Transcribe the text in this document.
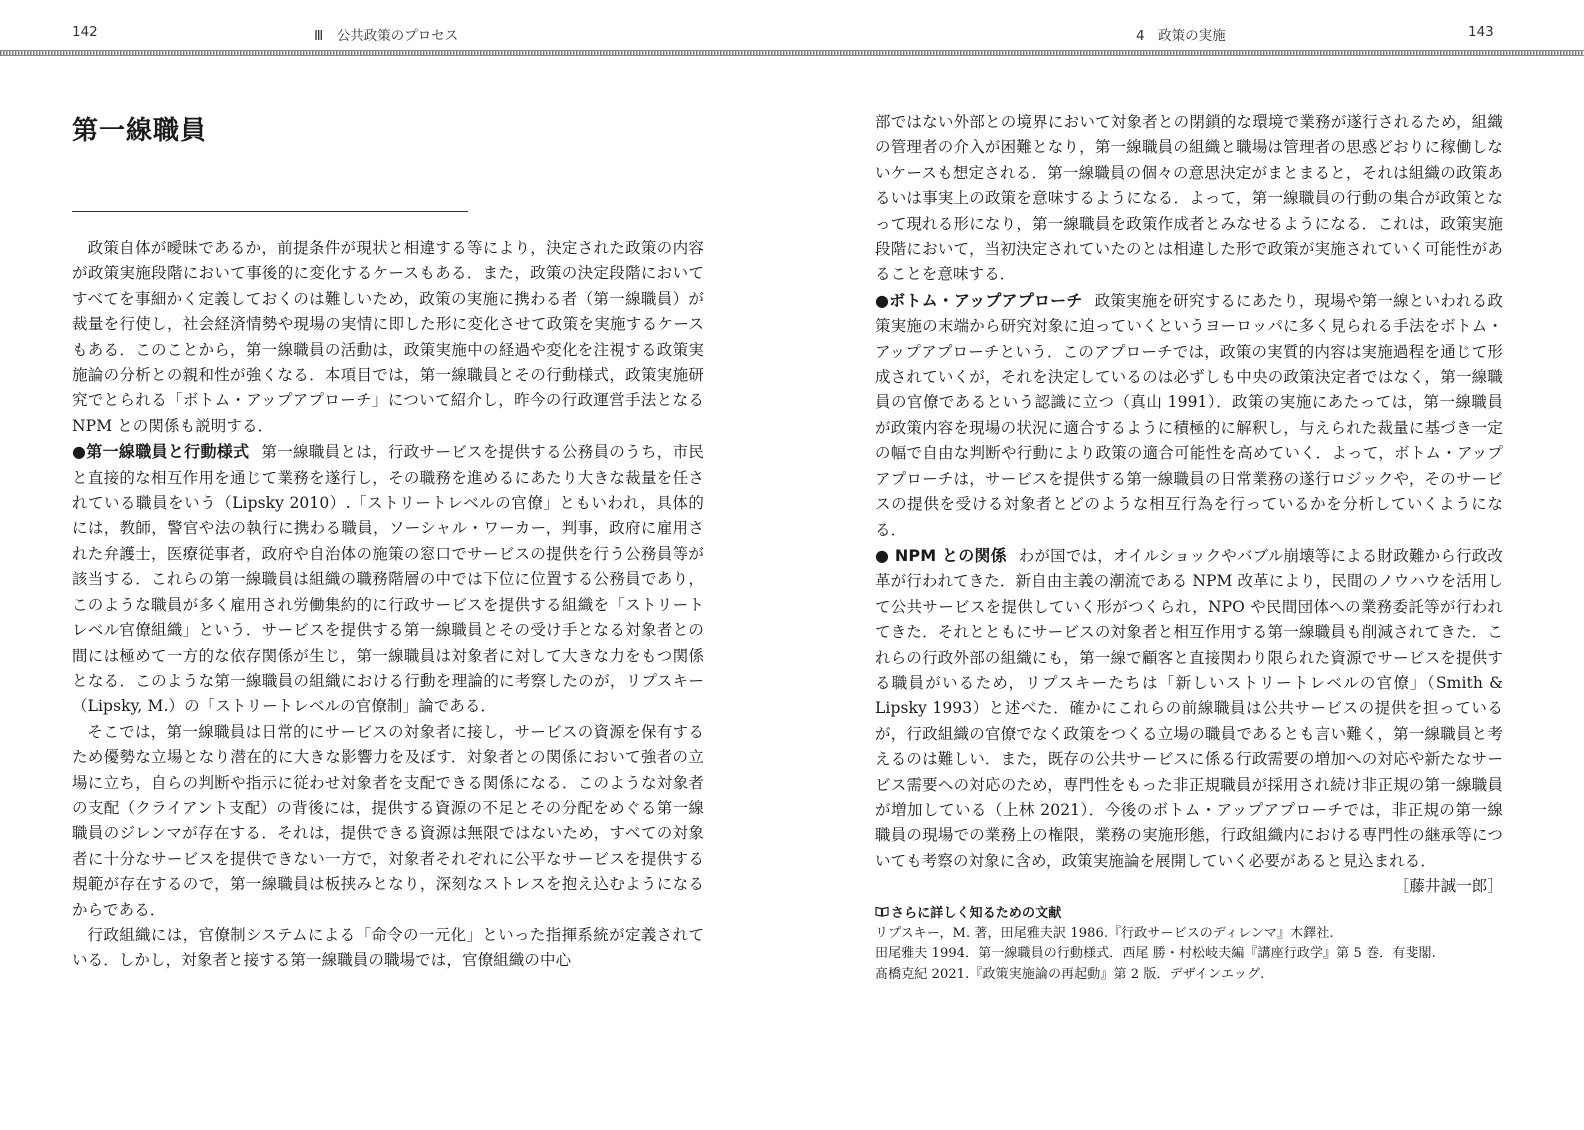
142	Ⅲ　公共政策のプロセス	4　政策の実施	143
第一線職員

政策自体が曖昧であるか，前提条件が現状と相違する等により，決定された政策の内容が政策実施段階において事後的に変化するケースもある．また，政策の決定段階においてすべてを事細かく定義しておくのは難しいため，政策の実施に携わる者（第一線職員）が裁量を行使し，社会経済情勢や現場の実情に即した形に変化させて政策を実施するケースもある．このことから，第一線職員の活動は，政策実施中の経過や変化を注視する政策実施論の分析との親和性が強くなる．本項目では，第一線職員とその行動様式，政策実施研究でとられる「ボトム・アップアプローチ」について紹介し，昨今の行政運営手法となる NPM との関係も説明する．

●第一線職員と行動様式 第一線職員とは，行政サービスを提供する公務員のうち，市民と直接的な相互作用を通じて業務を遂行し，その職務を進めるにあたり大きな裁量を任されている職員をいう（Lipsky 2010）.「ストリートレベルの官僚」ともいわれ，具体的には，教師，警官や法の執行に携わる職員，ソーシャル・ワーカー，判事，政府に雇用された弁護士，医療従事者，政府や自治体の施策の窓口でサービスの提供を行う公務員等が該当する．これらの第一線職員は組織の職務階層の中では下位に位置する公務員であり，このような職員が多く雇用され労働集約的に行政サービスを提供する組織を「ストリートレベル官僚組織」という．サービスを提供する第一線職員とその受け手となる対象者との間には極めて一方的な依存関係が生じ，第一線職員は対象者に対して大きな力をもつ関係となる．このような第一線職員の組織における行動を理論的に考察したのが，リプスキー（Lipsky, M.）の「ストリートレベルの官僚制」論である．

そこでは，第一線職員は日常的にサービスの対象者に接し，サービスの資源を保有するため優勢な立場となり潜在的に大きな影響力を及ぼす．対象者との関係において強者の立場に立ち，自らの判断や指示に従わせ対象者を支配できる関係になる．このような対象者の支配（クライアント支配）の背後には，提供する資源の不足とその分配をめぐる第一線職員のジレンマが存在する．それは，提供できる資源は無限ではないため，すべての対象者に十分なサービスを提供できない一方で，対象者それぞれに公平なサービスを提供する規範が存在するので，第一線職員は板挟みとなり，深刻なストレスを抱え込むようになるからである．

行政組織には，官僚制システムによる「命令の一元化」といった指揮系統が定義されている．しかし，対象者と接する第一線職員の職場では，官僚組織の中心

部ではない外部との境界において対象者との閉鎖的な環境で業務が遂行されるため，組織の管理者の介入が困難となり，第一線職員の組織と職場は管理者の思惑どおりに稼働しないケースも想定される．第一線職員の個々の意思決定がまとまると，それは組織の政策あるいは事実上の政策を意味するようになる．よって，第一線職員の行動の集合が政策となって現れる形になり，第一線職員を政策作成者とみなせるようになる．これは，政策実施段階において，当初決定されていたのとは相違した形で政策が実施されていく可能性があることを意味する．

●ボトム・アップアプローチ 政策実施を研究するにあたり，現場や第一線といわれる政策実施の末端から研究対象に迫っていくというヨーロッパに多く見られる手法をボトム・アップアプローチという．このアプローチでは，政策の実質的内容は実施過程を通じて形成されていくが，それを決定しているのは必ずしも中央の政策決定者ではなく，第一線職員の官僚であるという認識に立つ（真山 1991）．政策の実施にあたっては，第一線職員が政策内容を現場の状況に適合するように積極的に解釈し，与えられた裁量に基づき一定の幅で自由な判断や行動により政策の適合可能性を高めていく．よって，ボトム・アップアプローチは，サービスを提供する第一線職員の日常業務の遂行ロジックや，そのサービスの提供を受ける対象者とどのような相互行為を行っているかを分析していくようになる．

● NPM との関係 わが国では，オイルショックやバブル崩壊等による財政難から行政改革が行われてきた．新自由主義の潮流である NPM 改革により，民間のノウハウを活用して公共サービスを提供していく形がつくられ，NPO や民間団体への業務委託等が行われてきた．それとともにサービスの対象者と相互作用する第一線職員も削減されてきた．これらの行政外部の組織にも，第一線で顧客と直接関わり限られた資源でサービスを提供する職員がいるため，リプスキーたちは「新しいストリートレベルの官僚」（Smith & Lipsky 1993）と述べた．確かにこれらの前線職員は公共サービスの提供を担っているが，行政組織の官僚でなく政策をつくる立場の職員であるとも言い難く，第一線職員と考えるのは難しい．また，既存の公共サービスに係る行政需要の増加への対応や新たなサービス需要への対応のため，専門性をもった非正規職員が採用され続け非正規の第一線職員が増加している（上林 2021）．今後のボトム・アップアプローチでは，非正規の第一線職員の現場での業務上の権限，業務の実施形態，行政組織内における専門性の継承等についても考察の対象に含め，政策実施論を展開していく必要があると見込まれる．

［藤井誠一郎］

さらに詳しく知るための文献
リプスキー，M. 著，田尾雅夫訳 1986.『行政サービスのディレンマ』木鐸社.
田尾雅夫 1994．第一線職員の行動様式．西尾 勝・村松岐夫編『講座行政学』第 5 巻．有斐閣.
髙橋克紀 2021.『政策実施論の再起動』第 2 版．デザインエッグ.
